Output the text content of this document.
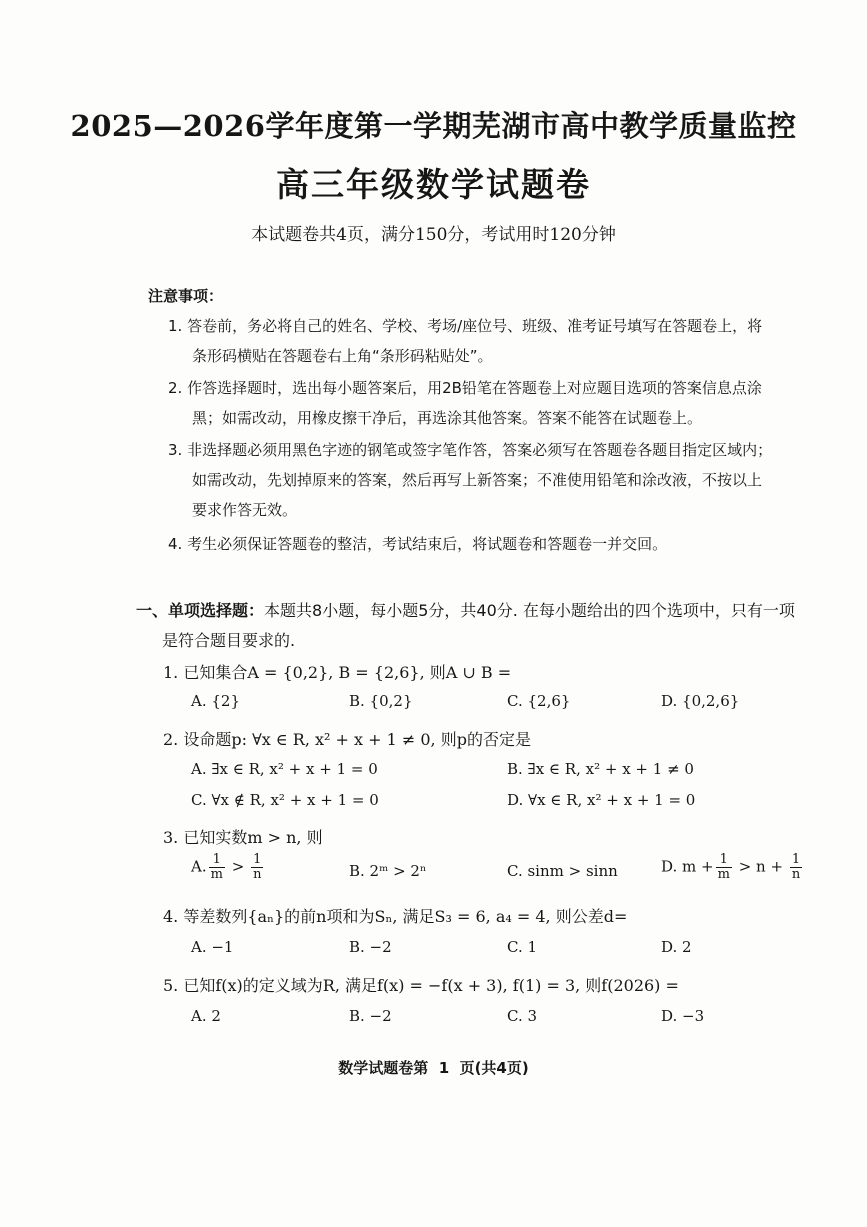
2025—2026学年度第一学期芜湖市高中教学质量监控
高三年级数学试题卷
本试题卷共4页，满分150分，考试用时120分钟
注意事项：
1. 答卷前，务必将自己的姓名、学校、考场/座位号、班级、准考证号填写在答题卷上，将
条形码横贴在答题卷右上角“条形码粘贴处”。
2. 作答选择题时，选出每小题答案后，用2B铅笔在答题卷上对应题目选项的答案信息点涂
黑；如需改动，用橡皮擦干净后，再选涂其他答案。答案不能答在试题卷上。
3. 非选择题必须用黑色字迹的钢笔或签字笔作答，答案必须写在答题卷各题目指定区域内；
如需改动，先划掉原来的答案，然后再写上新答案；不准使用铅笔和涂改液，不按以上
要求作答无效。
4. 考生必须保证答题卷的整洁，考试结束后，将试题卷和答题卷一并交回。
一、单项选择题：本题共8小题，每小题5分，共40分. 在每小题给出的四个选项中，只有一项
是符合题目要求的.
1. 已知集合A = {0,2}, B = {2,6}, 则A ∪ B =
A. {2}	B. {0,2}	C. {2,6}	D. {0,2,6}
2. 设命题p: ∀x ∈ R, x² + x + 1 ≠ 0, 则p的否定是
A. ∃x ∈ R, x² + x + 1 = 0	B. ∃x ∈ R, x² + x + 1 ≠ 0
C. ∀x ∉ R, x² + x + 1 = 0	D. ∀x ∈ R, x² + x + 1 = 0
3. 已知实数m > n, 则
A. $\frac{1}{m} > \frac{1}{n}$	B. 2ᵐ > 2ⁿ	C. sinm > sinn	D. $m + \frac{1}{m} > n + \frac{1}{n}$
4. 等差数列{aₙ}的前n项和为Sₙ, 满足S₃ = 6, a₄ = 4, 则公差d=
A. −1	B. −2	C. 1	D. 2
5. 已知f(x)的定义域为R, 满足f(x) = −f(x + 3), f(1) = 3, 则f(2026) =
A. 2	B. −2	C. 3	D. −3
数学试题卷第  1  页(共4页)
